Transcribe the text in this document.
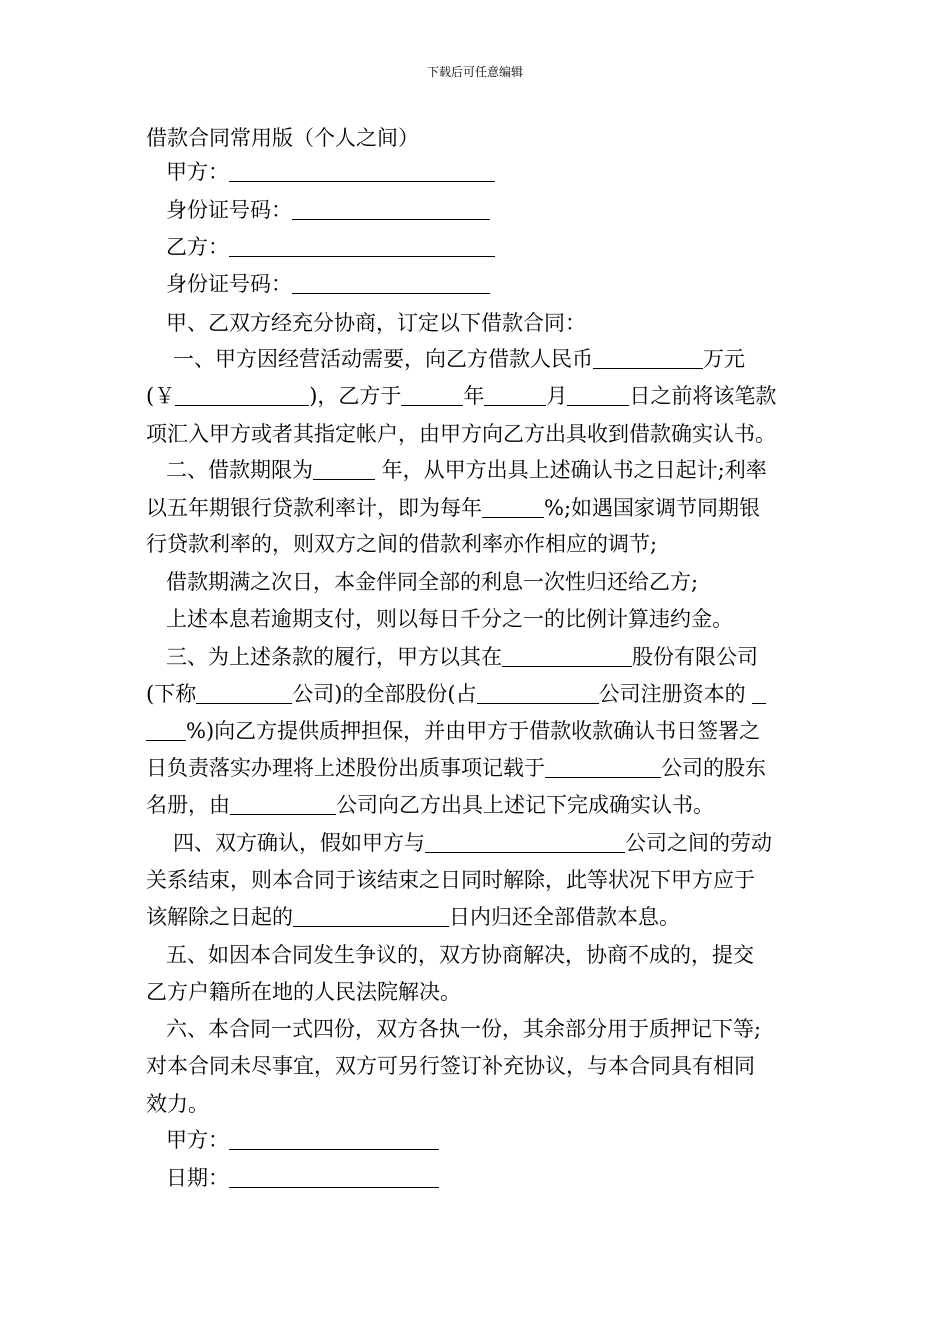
下载后可任意编辑
借款合同常用版（个人之间）
甲方：
身份证号码：
乙方：
身份证号码：
甲、乙双方经充分协商，订定以下借款合同：
一、甲方因经营活动需要，向乙方借款人民币	万元
(￥	)，乙方于	年	月	日之前将该笔款
项汇入甲方或者其指定帐户，由甲方向乙方出具收到借款确实认书。
二、借款期限为	年，从甲方出具上述确认书之日起计;利率
以五年期银行贷款利率计，即为每年	%;如遇国家调节同期银
行贷款利率的，则双方之间的借款利率亦作相应的调节;
借款期满之次日，本金伴同全部的利息一次性归还给乙方;
上述本息若逾期支付，则以每日千分之一的比例计算违约金。
三、为上述条款的履行，甲方以其在	股份有限公司
(下称	公司)的全部股份(占	公司注册资本的
%)向乙方提供质押担保，并由甲方于借款收款确认书日签署之
日负责落实办理将上述股份出质事项记载于	公司的股东
名册，由	公司向乙方出具上述记下完成确实认书。
四、双方确认，假如甲方与	公司之间的劳动
关系结束，则本合同于该结束之日同时解除，此等状况下甲方应于
该解除之日起的	日内归还全部借款本息。
五、如因本合同发生争议的，双方协商解决，协商不成的，提交
乙方户籍所在地的人民法院解决。
六、本合同一式四份，双方各执一份，其余部分用于质押记下等;
对本合同未尽事宜，双方可另行签订补充协议，与本合同具有相同
效力。
甲方：
日期：
